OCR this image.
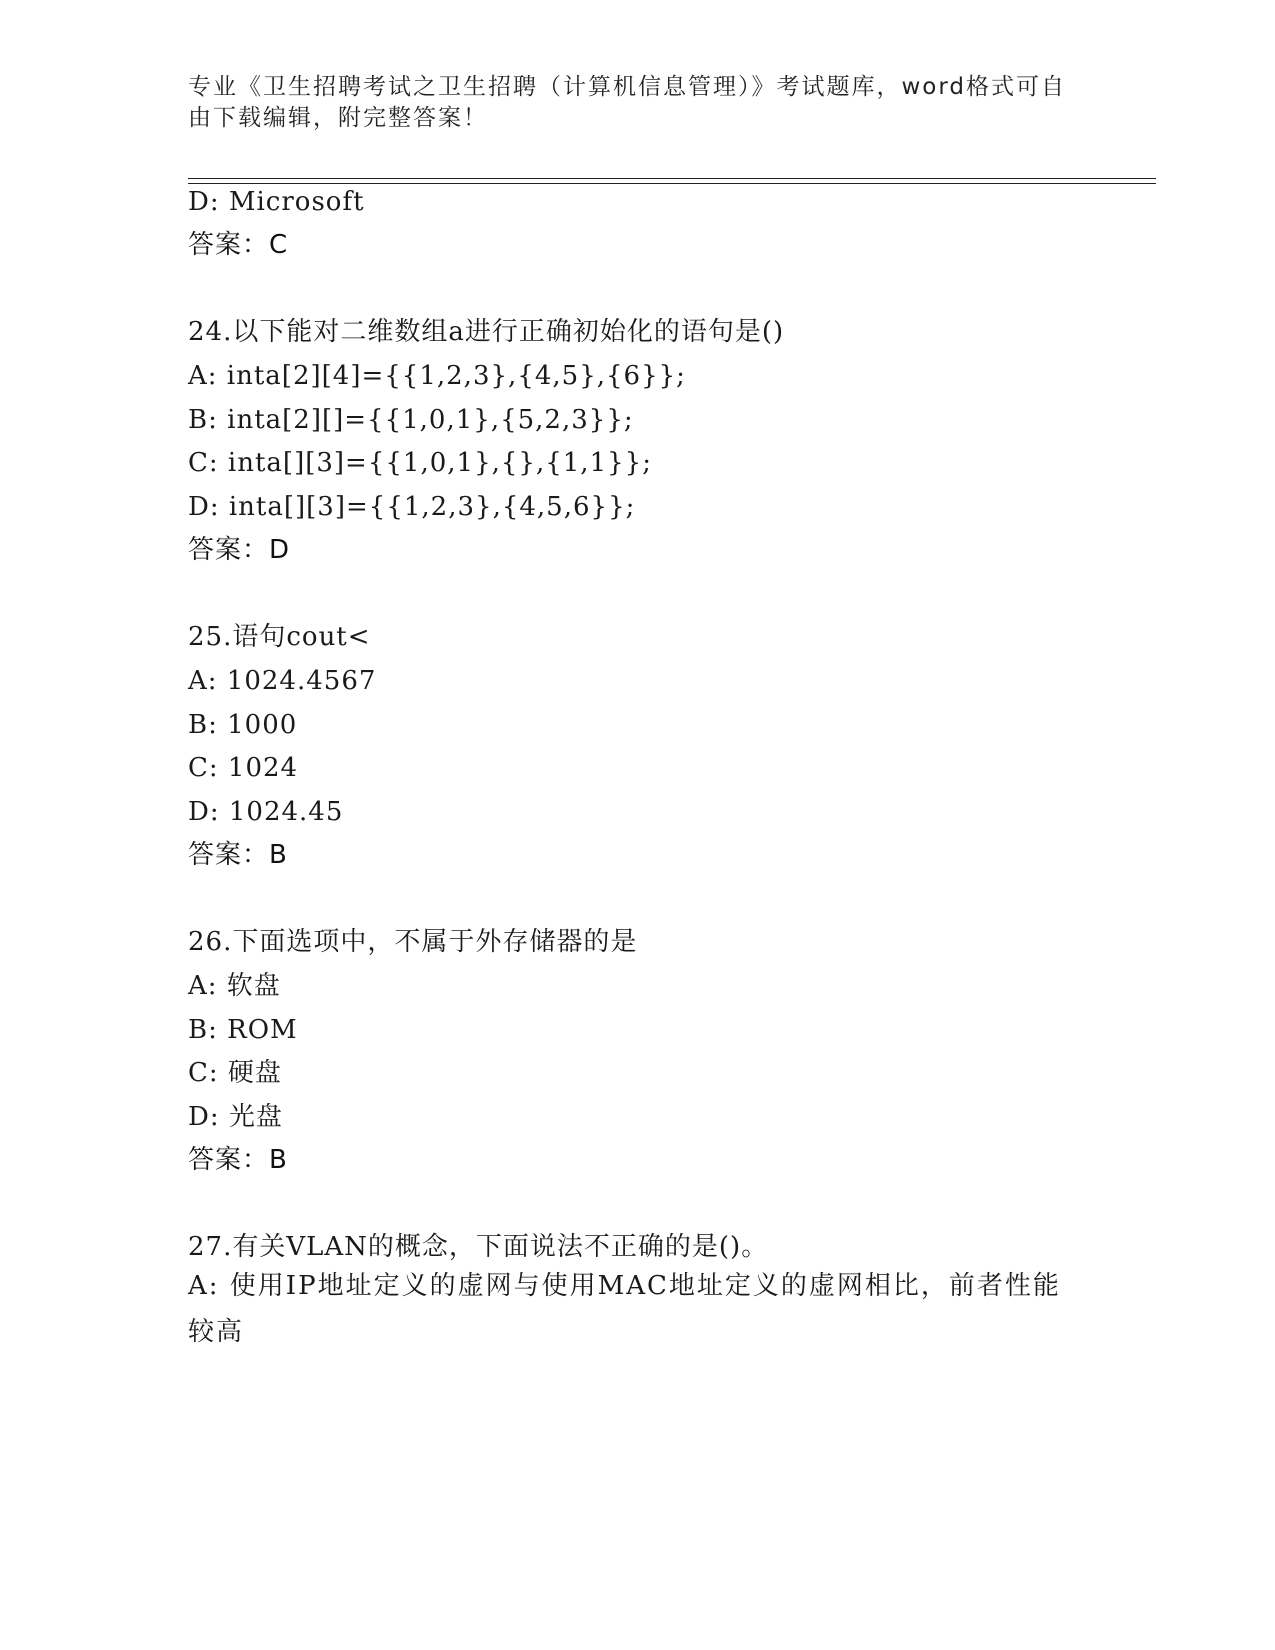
专业《卫生招聘考试之卫生招聘（计算机信息管理）》考试题库，word格式可自由下载编辑，附完整答案！
D: Microsoft
答案：C
24.以下能对二维数组a进行正确初始化的语句是()
A: inta[2][4]={{1,2,3},{4,5},{6}};
B: inta[2][]={{1,0,1},{5,2,3}};
C: inta[][3]={{1,0,1},{},{1,1}};
D: inta[][3]={{1,2,3},{4,5,6}};
答案：D
25.语句cout<
A: 1024.4567
B: 1000
C: 1024
D: 1024.45
答案：B
26.下面选项中，不属于外存储器的是
A: 软盘
B: ROM
C: 硬盘
D: 光盘
答案：B
27.有关VLAN的概念，下面说法不正确的是()。
A: 使用IP地址定义的虚网与使用MAC地址定义的虚网相比，前者性能较高
